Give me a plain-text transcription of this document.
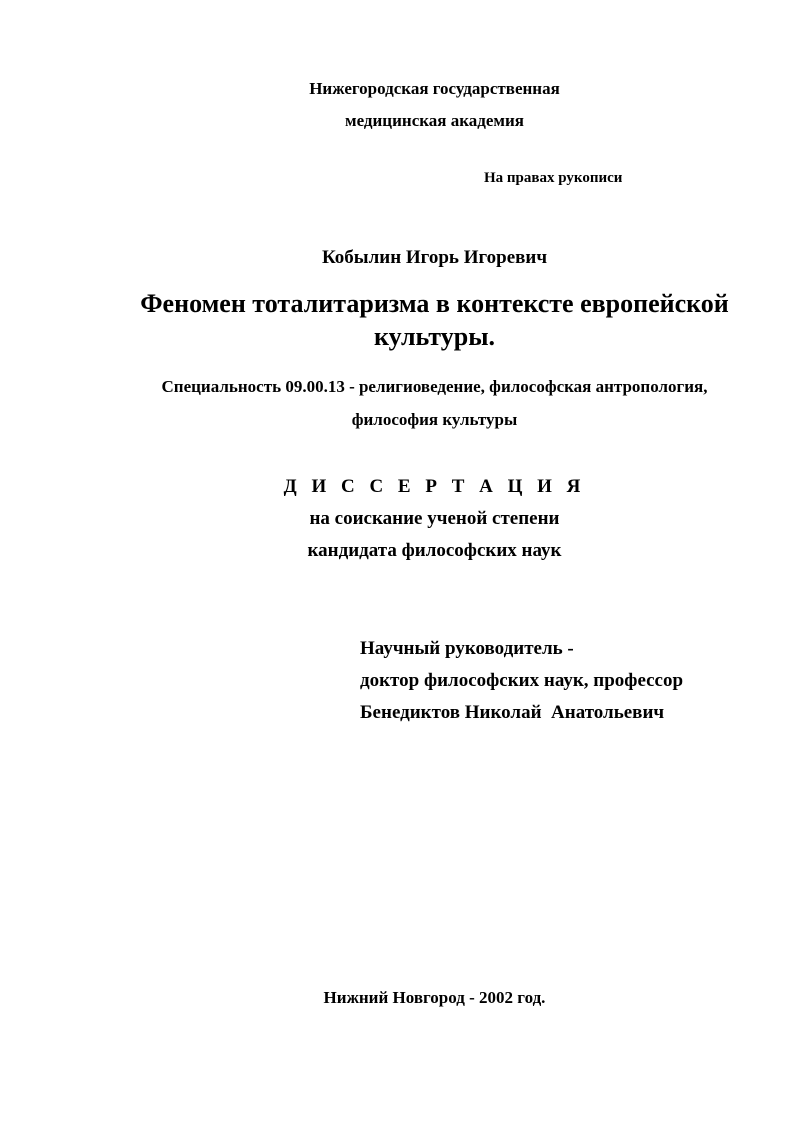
Нижегородская государственная
медицинская академия
На правах рукописи
Кобылин Игорь Игоревич
Феномен тоталитаризма в контексте европейской
культуры.
Специальность 09.00.13 - религиоведение, философская антропология,
философия культуры
Д И С С Е Р Т А Ц И Я
на соискание ученой степени
кандидата философских наук
Научный руководитель -
доктор философских наук, профессор
Бенедиктов Николай  Анатольевич
Нижний Новгород - 2002 год.
